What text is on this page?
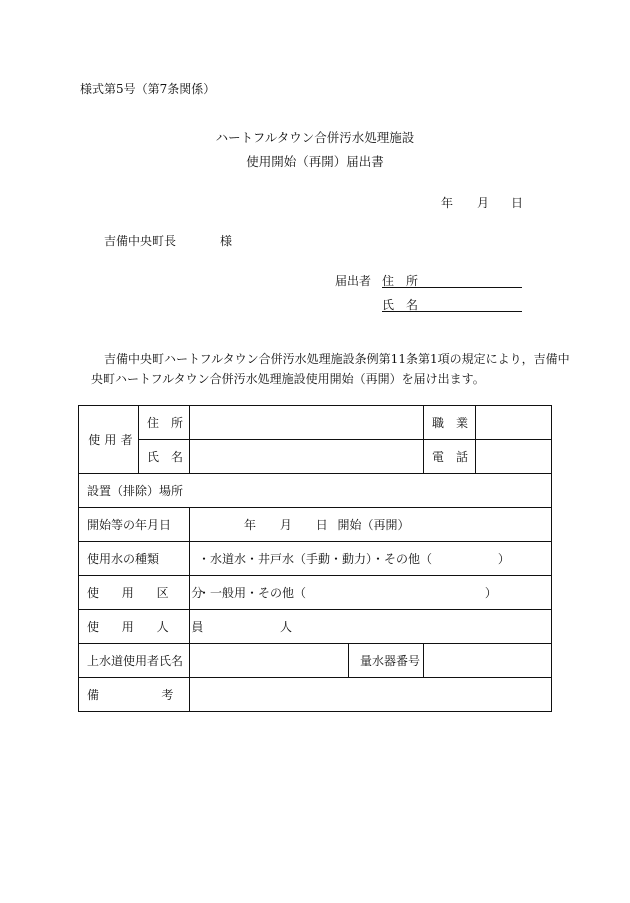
様式第5号（第7条関係）
ハートフルタウン合併汚水処理施設
使用開始（再開）届出書
年 月 日
吉備中央町長	様
届出者 住　所
氏　名
吉備中央町ハートフルタウン合併汚水処理施設条例第11条第1項の規定により，吉備中
央町ハートフルタウン合併汚水処理施設使用開始（再開）を届け出ます。
使用者	住　所			職　業	
	氏　名			電　話	
設置（排除）場所					
開始等の年月日		年 月 日 開始（再開）			
使用水の種類		・水道水・井戸水（手動・動力）・その他（ ）			

使用区分		・一般用・その他（ ）			
使用人員		人			
上水道使用者氏名			量水器番号		
備考					
